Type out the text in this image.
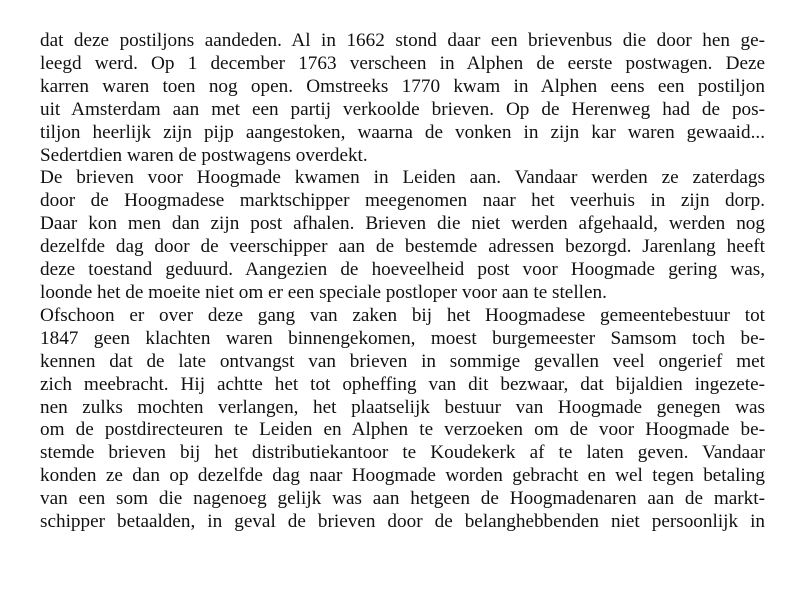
dat deze postiljons aandeden. Al in 1662 stond daar een brievenbus die door hen ge-
leegd werd. Op 1 december 1763 verscheen in Alphen de eerste postwagen. Deze
karren waren toen nog open. Omstreeks 1770 kwam in Alphen eens een postiljon
uit Amsterdam aan met een partij verkoolde brieven. Op de Herenweg had de pos-
tiljon heerlijk zijn pijp aangestoken, waarna de vonken in zijn kar waren gewaaid...
Sedertdien waren de postwagens overdekt.
De brieven voor Hoogmade kwamen in Leiden aan. Vandaar werden ze zaterdags
door de Hoogmadese marktschipper meegenomen naar het veerhuis in zijn dorp.
Daar kon men dan zijn post afhalen. Brieven die niet werden afgehaald, werden nog
dezelfde dag door de veerschipper aan de bestemde adressen bezorgd. Jarenlang heeft
deze toestand geduurd. Aangezien de hoeveelheid post voor Hoogmade gering was,
loonde het de moeite niet om er een speciale postloper voor aan te stellen.
Ofschoon er over deze gang van zaken bij het Hoogmadese gemeentebestuur tot
1847 geen klachten waren binnengekomen, moest burgemeester Samsom toch be-
kennen dat de late ontvangst van brieven in sommige gevallen veel ongerief met
zich meebracht. Hij achtte het tot opheffing van dit bezwaar, dat bijaldien ingezete-
nen zulks mochten verlangen, het plaatselijk bestuur van Hoogmade genegen was
om de postdirecteuren te Leiden en Alphen te verzoeken om de voor Hoogmade be-
stemde brieven bij het distributiekantoor te Koudekerk af te laten geven. Vandaar
konden ze dan op dezelfde dag naar Hoogmade worden gebracht en wel tegen betaling
van een som die nagenoeg gelijk was aan hetgeen de Hoogmadenaren aan de markt-
schipper betaalden, in geval de brieven door de belanghebbenden niet persoonlijk in
